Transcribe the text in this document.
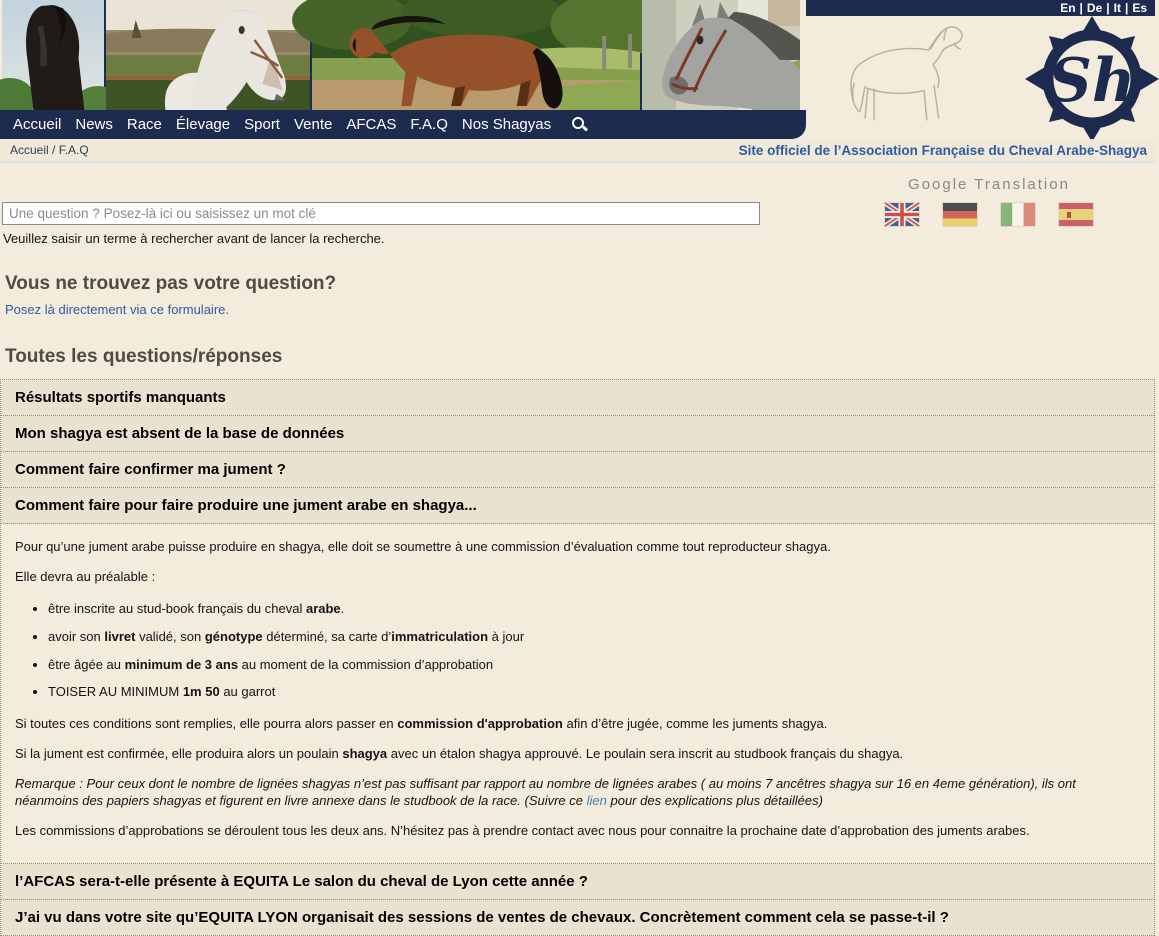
En | De | It | Es
Sh
Accueil News Race Élevage Sport Vente AFCAS F.A.Q Nos Shagyas
Accueil / F.A.Q	Site officiel de l’Association Française du Cheval Arabe-Shagya
Google Translation
Une question ? Posez-là ici ou saisissez un mot clé
Veuillez saisir un terme à rechercher avant de lancer la recherche.
Vous ne trouvez pas votre question?
Posez là directement via ce formulaire.
Toutes les questions/réponses
Résultats sportifs manquants
Mon shagya est absent de la base de données
Comment faire confirmer ma jument ?
Comment faire pour faire produire une jument arabe en shagya...

Pour qu’une jument arabe puisse produire en shagya, elle doit se soumettre à une commission d’évaluation comme tout reproducteur shagya.

Elle devra au préalable :

• être inscrite au stud-book français du cheval arabe.
• avoir son livret validé, son génotype déterminé, sa carte d’immatriculation à jour
• être âgée au minimum de 3 ans au moment de la commission d’approbation
• TOISER AU MINIMUM 1m 50 au garrot

Si toutes ces conditions sont remplies, elle pourra alors passer en commission d'approbation afin d’être jugée, comme les juments shagya.

Si la jument est confirmée, elle produira alors un poulain shagya avec un étalon shagya approuvé. Le poulain sera inscrit au studbook français du shagya.

Remarque : Pour ceux dont le nombre de lignées shagyas n’est pas suffisant par rapport au nombre de lignées arabes ( au moins 7 ancêtres shagya sur 16 en 4eme génération), ils ont néanmoins des papiers shagyas et figurent en livre annexe dans le studbook de la race. (Suivre ce lien pour des explications plus détaillées)

Les commissions d’approbations se déroulent tous les deux ans. N’hésitez pas à prendre contact avec nous pour connaitre la prochaine date d’approbation des juments arabes.

l’AFCAS sera-t-elle présente à EQUITA Le salon du cheval de Lyon cette année ?
J’ai vu dans votre site qu’EQUITA LYON organisait des sessions de ventes de chevaux. Concrètement comment cela se passe-t-il ?
